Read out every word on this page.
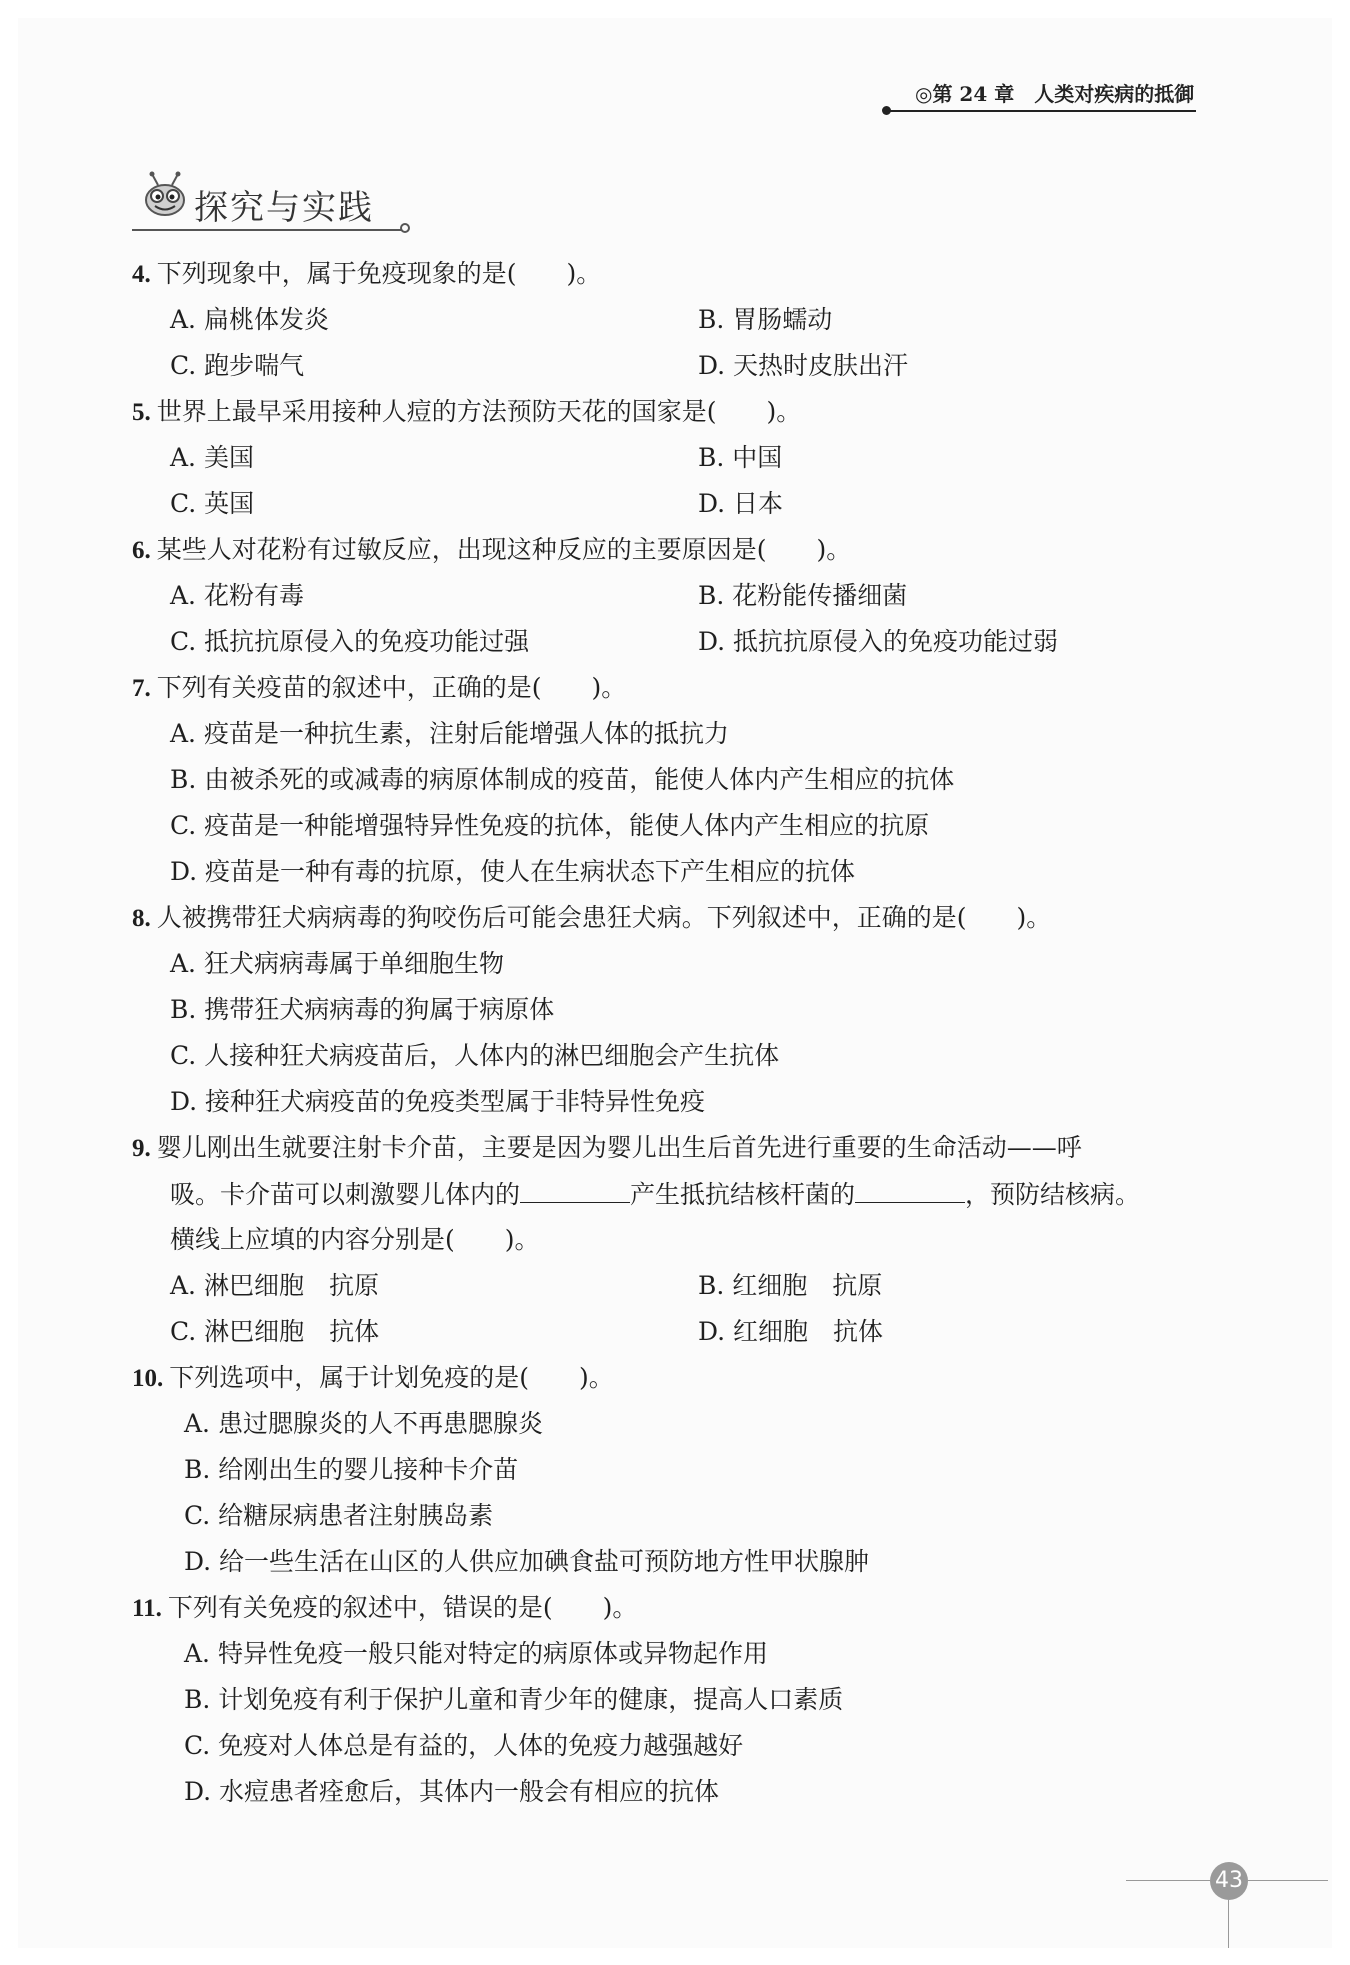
◎第 24 章　人类对疾病的抵御
探究与实践
4. 下列现象中，属于免疫现象的是(　　)。
A. 扁桃体发炎	B. 胃肠蠕动
C. 跑步喘气	D. 天热时皮肤出汗
5. 世界上最早采用接种人痘的方法预防天花的国家是(　　)。
A. 美国	B. 中国
C. 英国	D. 日本
6. 某些人对花粉有过敏反应，出现这种反应的主要原因是(　　)。
A. 花粉有毒	B. 花粉能传播细菌
C. 抵抗抗原侵入的免疫功能过强	D. 抵抗抗原侵入的免疫功能过弱
7. 下列有关疫苗的叙述中，正确的是(　　)。
A. 疫苗是一种抗生素，注射后能增强人体的抵抗力
B. 由被杀死的或减毒的病原体制成的疫苗，能使人体内产生相应的抗体
C. 疫苗是一种能增强特异性免疫的抗体，能使人体内产生相应的抗原
D. 疫苗是一种有毒的抗原，使人在生病状态下产生相应的抗体
8. 人被携带狂犬病病毒的狗咬伤后可能会患狂犬病。下列叙述中，正确的是(　　)。
A. 狂犬病病毒属于单细胞生物
B. 携带狂犬病病毒的狗属于病原体
C. 人接种狂犬病疫苗后，人体内的淋巴细胞会产生抗体
D. 接种狂犬病疫苗的免疫类型属于非特异性免疫
9. 婴儿刚出生就要注射卡介苗，主要是因为婴儿出生后首先进行重要的生命活动——呼
吸。卡介苗可以刺激婴儿体内的	产生抵抗结核杆菌的	，预防结核病。
横线上应填的内容分别是(　　)。
A. 淋巴细胞　抗原	B. 红细胞　抗原
C. 淋巴细胞　抗体	D. 红细胞　抗体
10. 下列选项中，属于计划免疫的是(　　)。
A. 患过腮腺炎的人不再患腮腺炎
B. 给刚出生的婴儿接种卡介苗
C. 给糖尿病患者注射胰岛素
D. 给一些生活在山区的人供应加碘食盐可预防地方性甲状腺肿
11. 下列有关免疫的叙述中，错误的是(　　)。
A. 特异性免疫一般只能对特定的病原体或异物起作用
B. 计划免疫有利于保护儿童和青少年的健康，提高人口素质
C. 免疫对人体总是有益的，人体的免疫力越强越好
D. 水痘患者痊愈后，其体内一般会有相应的抗体
43
